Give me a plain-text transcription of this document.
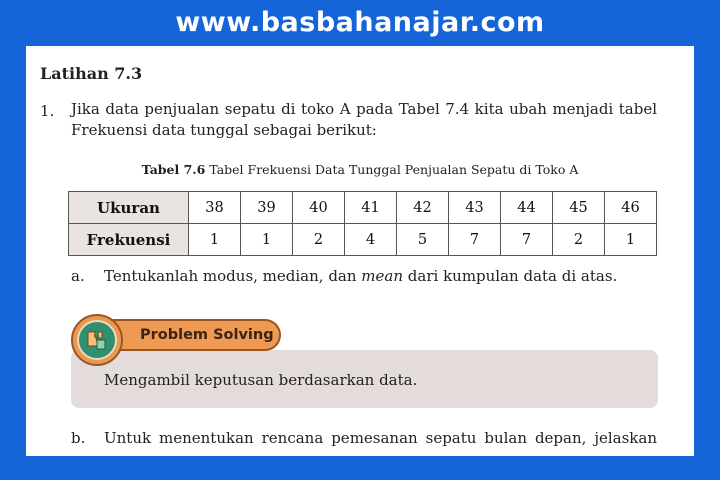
www.basbahanajar.com
Latihan 7.3
1. Jika data penjualan sepatu di toko A pada Tabel 7.4 kita ubah menjadi tabel Frekuensi data tunggal sebagai berikut:
Tabel 7.6 Tabel Frekuensi Data Tunggal Penjualan Sepatu di Toko A
Ukuran	38	39	40	41	42	43	44	45	46
Frekuensi	1	1	2	4	5	7	7	2	1
a. Tentukanlah modus, median, dan mean dari kumpulan data di atas.
Mengambil keputusan berdasarkan data.
Problem Solving
b. Untuk menentukan rencana pemesanan sepatu bulan depan, jelaskan
